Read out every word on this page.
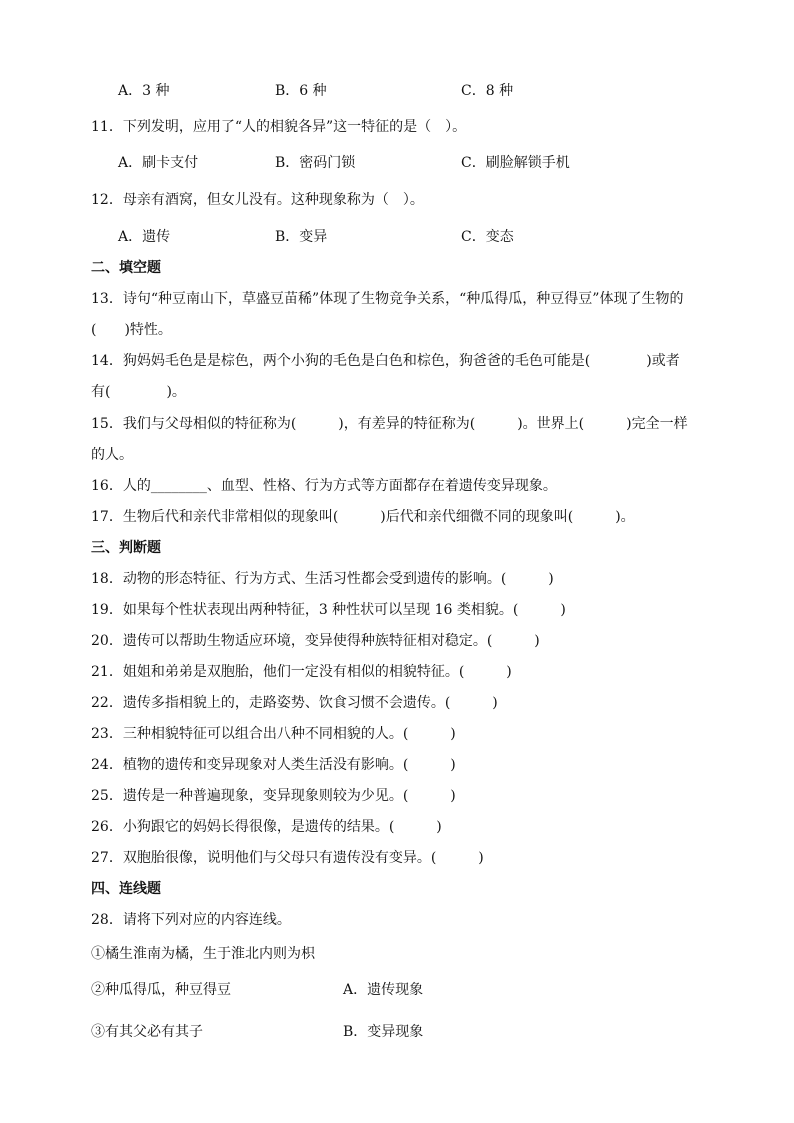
A．3 种	B．6 种	C．8 种
11．下列发明，应用了“人的相貌各异”这一特征的是（　）。
A．刷卡支付	B．密码门锁	C．刷脸解锁手机
12．母亲有酒窝，但女儿没有。这种现象称为（　）。
A．遗传	B．变异	C．变态
二、填空题
13．诗句“种豆南山下，草盛豆苗稀”体现了生物竞争关系，“种瓜得瓜，种豆得豆”体现了生物的
(　　)特性。
14．狗妈妈毛色是是棕色，两个小狗的毛色是白色和棕色，狗爸爸的毛色可能是(　　　　)或者
有(　　　　)。
15．我们与父母相似的特征称为(　　　)，有差异的特征称为(　　　)。世界上(　　　)完全一样
的人。
16．人的________、血型、性格、行为方式等方面都存在着遗传变异现象。
17．生物后代和亲代非常相似的现象叫(　　　)后代和亲代细微不同的现象叫(　　　)。
三、判断题
18．动物的形态特征、行为方式、生活习性都会受到遗传的影响。(　　　)
19．如果每个性状表现出两种特征，3 种性状可以呈现 16 类相貌。(　　　)
20．遗传可以帮助生物适应环境，变异使得种族特征相对稳定。(　　　)
21．姐姐和弟弟是双胞胎，他们一定没有相似的相貌特征。(　　　)
22．遗传多指相貌上的，走路姿势、饮食习惯不会遗传。(　　　)
23．三种相貌特征可以组合出八种不同相貌的人。(　　　)
24．植物的遗传和变异现象对人类生活没有影响。(　　　)
25．遗传是一种普遍现象，变异现象则较为少见。(　　　)
26．小狗跟它的妈妈长得很像，是遗传的结果。(　　　)
27．双胞胎很像，说明他们与父母只有遗传没有变异。(　　　)
四、连线题
28．请将下列对应的内容连线。
①橘生淮南为橘，生于淮北内则为枳
②种瓜得瓜，种豆得豆	A．遗传现象
③有其父必有其子	B．变异现象
